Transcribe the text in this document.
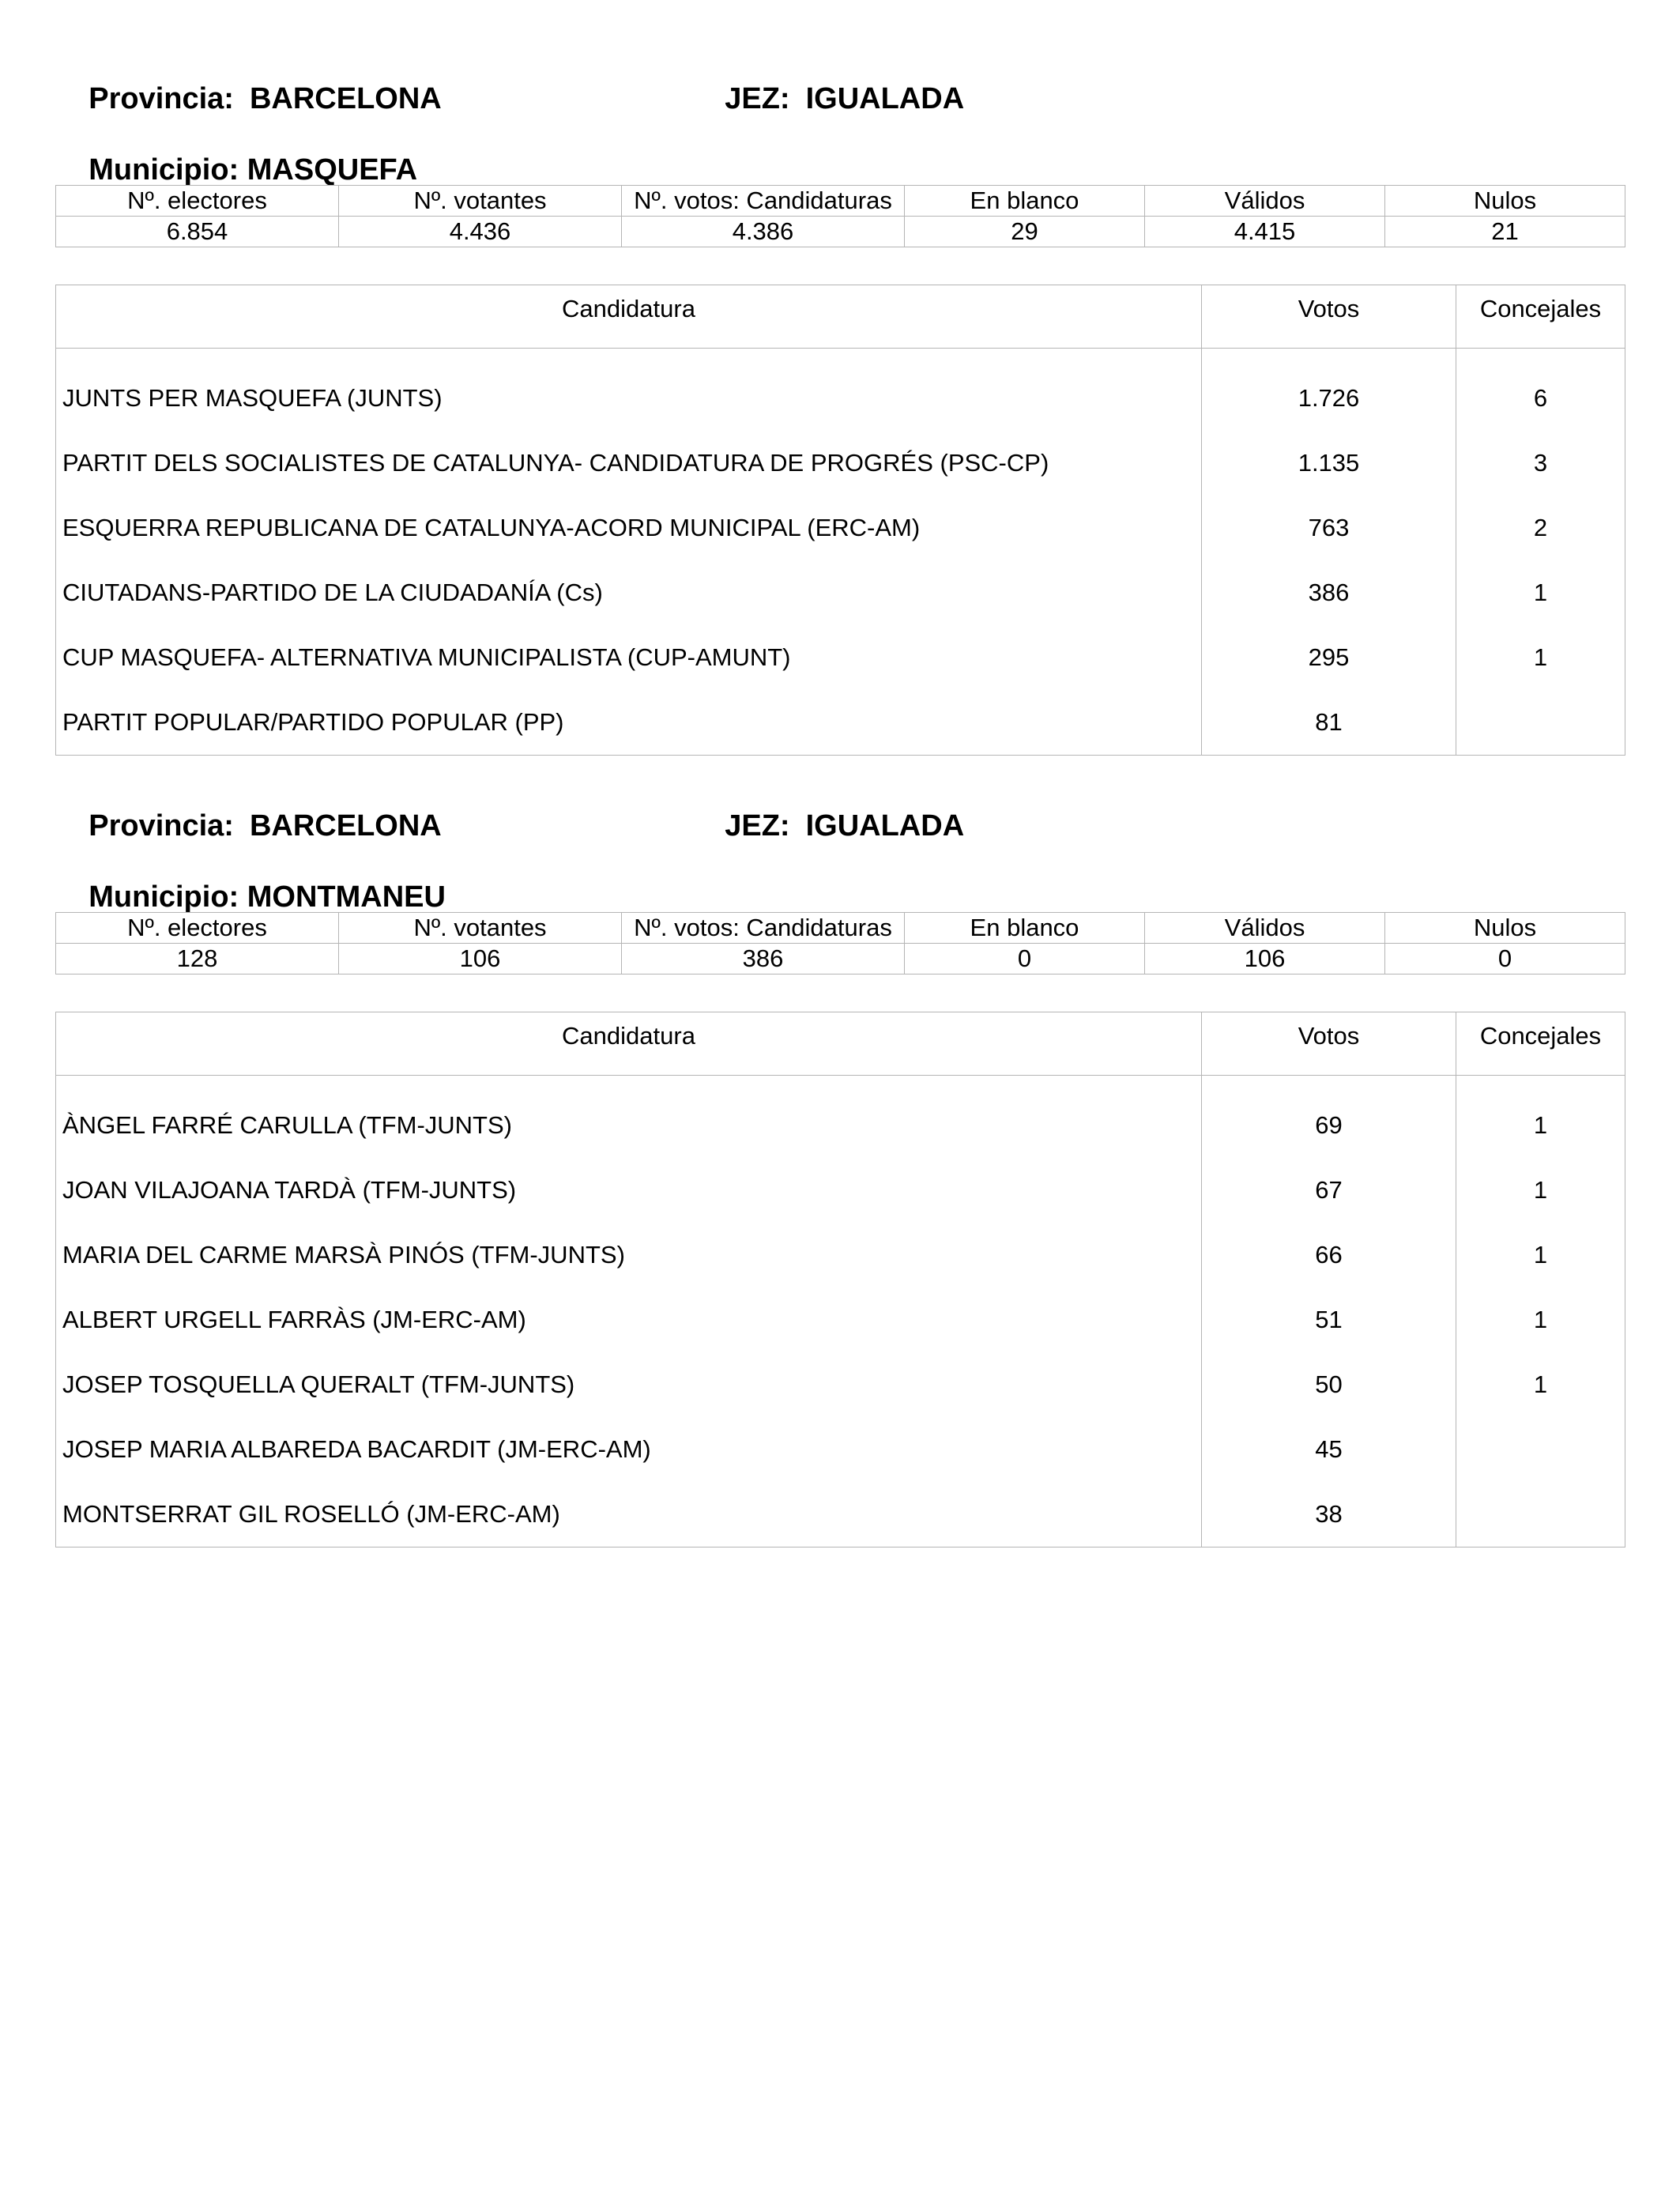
Provincia: BARCELONA
	JEZ: IGUALADA

Municipio: MASQUEFA

Nº. electores	Nº. votantes	Nº. votos: Candidaturas	En blanco	Válidos	Nulos
6.854	4.436	4.386	29	4.415	21
Candidatura	Votos	Concejales

JUNTS PER MASQUEFA (JUNTS)	1.726	6
PARTIT DELS SOCIALISTES DE CATALUNYA- CANDIDATURA DE PROGRÉS (PSC-CP)	1.135	3
ESQUERRA REPUBLICANA DE CATALUNYA-ACORD MUNICIPAL (ERC-AM)	763	2
CIUTADANS-PARTIDO DE LA CIUDADANÍA (Cs)	386	1
CUP MASQUEFA- ALTERNATIVA MUNICIPALISTA (CUP-AMUNT)	295	1
PARTIT POPULAR/PARTIDO POPULAR (PP)	81	

Provincia: BARCELONA
	JEZ: IGUALADA

Municipio: MONTMANEU

Nº. electores	Nº. votantes	Nº. votos: Candidaturas	En blanco	Válidos	Nulos
128	106	386	0	106	0
Candidatura	Votos	Concejales

ÀNGEL FARRÉ CARULLA (TFM-JUNTS)	69	1
JOAN VILAJOANA TARDÀ (TFM-JUNTS)	67	1
MARIA DEL CARME MARSÀ PINÓS (TFM-JUNTS)	66	1
ALBERT URGELL FARRÀS (JM-ERC-AM)	51	1
JOSEP TOSQUELLA QUERALT (TFM-JUNTS)	50	1
JOSEP MARIA ALBAREDA BACARDIT (JM-ERC-AM)	45	
MONTSERRAT GIL ROSELLÓ (JM-ERC-AM)	38	
